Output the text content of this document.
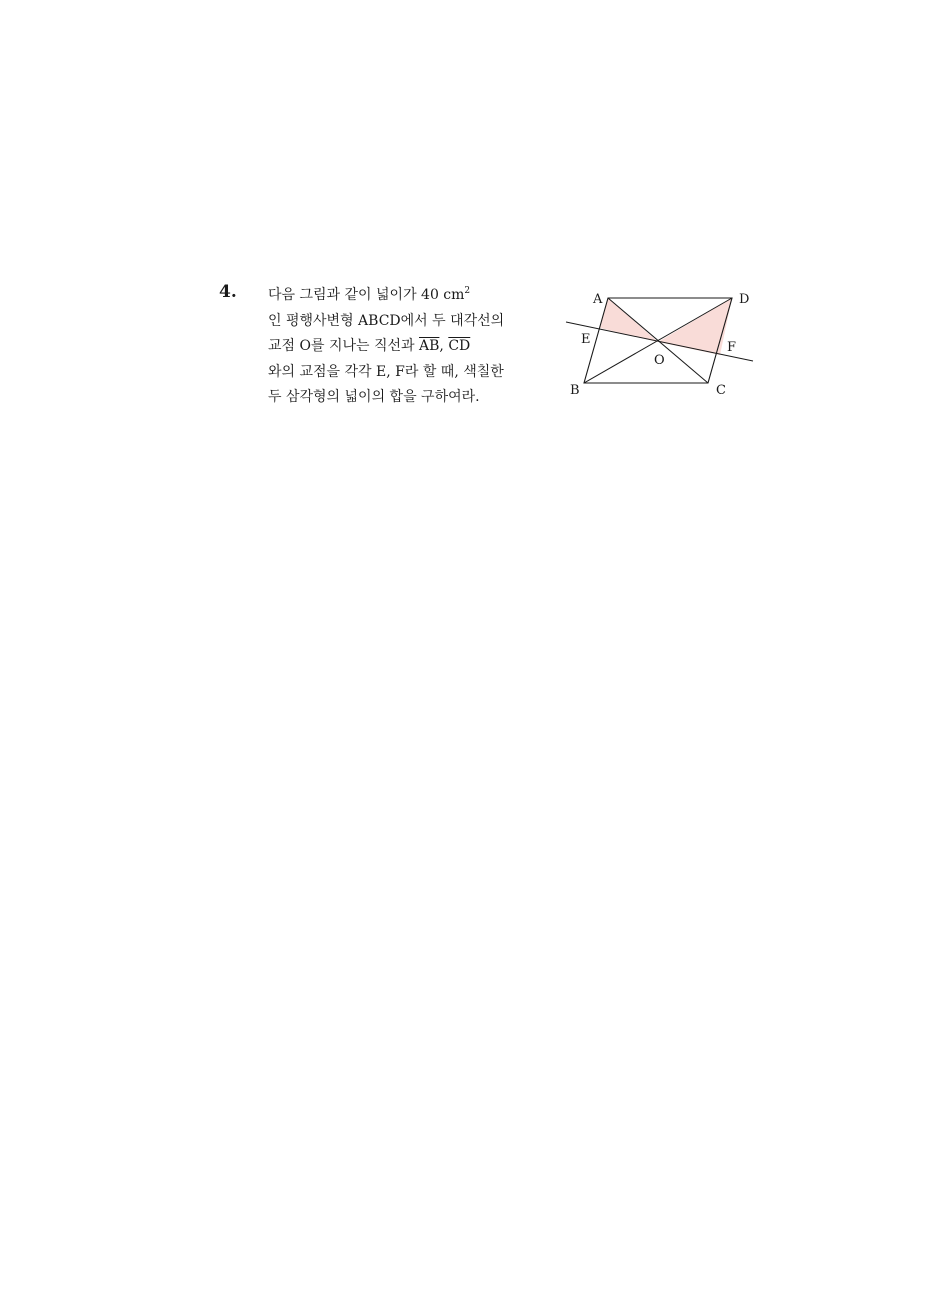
4. 다음 그림과 같이 넓이가 40 $cm^2$
인 평행사변형 ABCD에서 두 대각선의
교점 O를 지나는 직선과 $\overline{AB}$, $\overline{CD}$
와의 교점을 각각 E, F라 할 때, 색칠한
두 삼각형의 넓이의 합을 구하여라.
A	D
E
F
O
B	C
